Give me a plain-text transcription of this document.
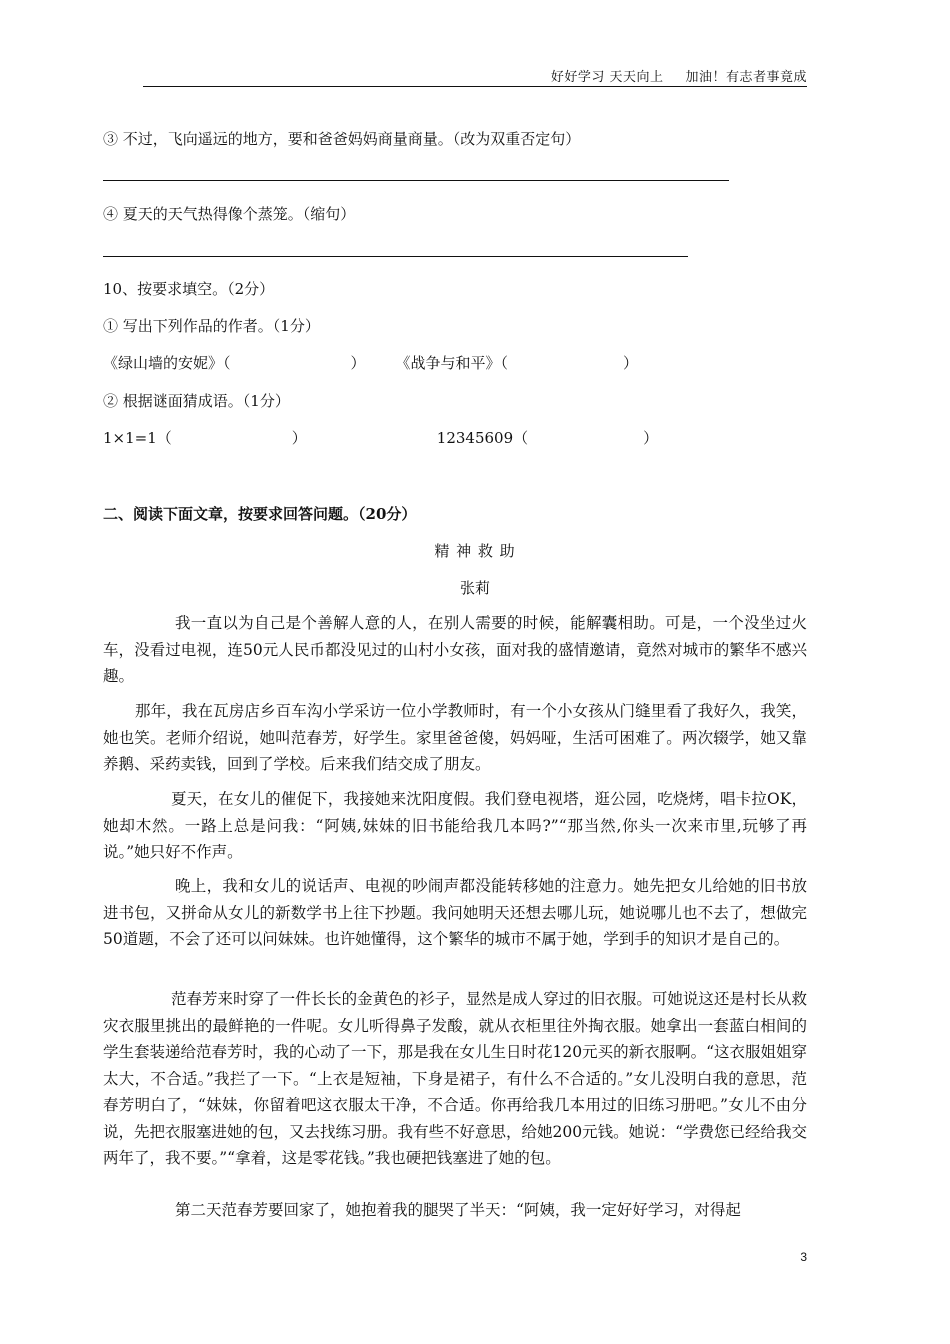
好好学习 天天向上 加油！有志者事竟成
③ 不过，飞向遥远的地方，要和爸爸妈妈商量商量。（改为双重否定句）
④ 夏天的天气热得像个蒸笼。（缩句）
10、按要求填空。（2分）
① 写出下列作品的作者。（1分）
《绿山墙的安妮》（	） 《战争与和平》（	）
② 根据谜面猜成语。（1分）
1×1=1（	）	12345609（	）
二、阅读下面文章，按要求回答问题。（20分）
精 神 救 助
张莉

我一直以为自己是个善解人意的人，在别人需要的时候，能解囊相助。可是，一个没坐过火车，没看过电视，连50元人民币都没见过的山村小女孩，面对我的盛情邀请，竟然对城市的繁华不感兴趣。

那年，我在瓦房店乡百车沟小学采访一位小学教师时，有一个小女孩从门缝里看了我好久，我笑，她也笑。老师介绍说，她叫范春芳，好学生。家里爸爸傻，妈妈哑，生活可困难了。两次辍学，她又靠养鹅、采药卖钱，回到了学校。后来我们结交成了朋友。

夏天，在女儿的催促下，我接她来沈阳度假。我们登电视塔，逛公园，吃烧烤，唱卡拉OK，她却木然。一路上总是问我：“阿姨,妹妹的旧书能给我几本吗?”“那当然,你头一次来市里,玩够了再说。”她只好不作声。

晚上，我和女儿的说话声、电视的吵闹声都没能转移她的注意力。她先把女儿给她的旧书放进书包，又拼命从女儿的新数学书上往下抄题。我问她明天还想去哪儿玩，她说哪儿也不去了，想做完50道题，不会了还可以问妹妹。也许她懂得，这个繁华的城市不属于她，学到手的知识才是自己的。

范春芳来时穿了一件长长的金黄色的衫子，显然是成人穿过的旧衣服。可她说这还是村长从救灾衣服里挑出的最鲜艳的一件呢。女儿听得鼻子发酸，就从衣柜里往外掏衣服。她拿出一套蓝白相间的学生套装递给范春芳时，我的心动了一下，那是我在女儿生日时花120元买的新衣服啊。“这衣服姐姐穿太大，不合适。”我拦了一下。“上衣是短袖，下身是裙子，有什么不合适的。”女儿没明白我的意思，范春芳明白了，“妹妹，你留着吧这衣服太干净，不合适。你再给我几本用过的旧练习册吧。”女儿不由分说，先把衣服塞进她的包，又去找练习册。我有些不好意思，给她200元钱。她说：“学费您已经给我交两年了，我不要。”“拿着，这是零花钱。”我也硬把钱塞进了她的包。

第二天范春芳要回家了，她抱着我的腿哭了半天：“阿姨，我一定好好学习，对得起

3
